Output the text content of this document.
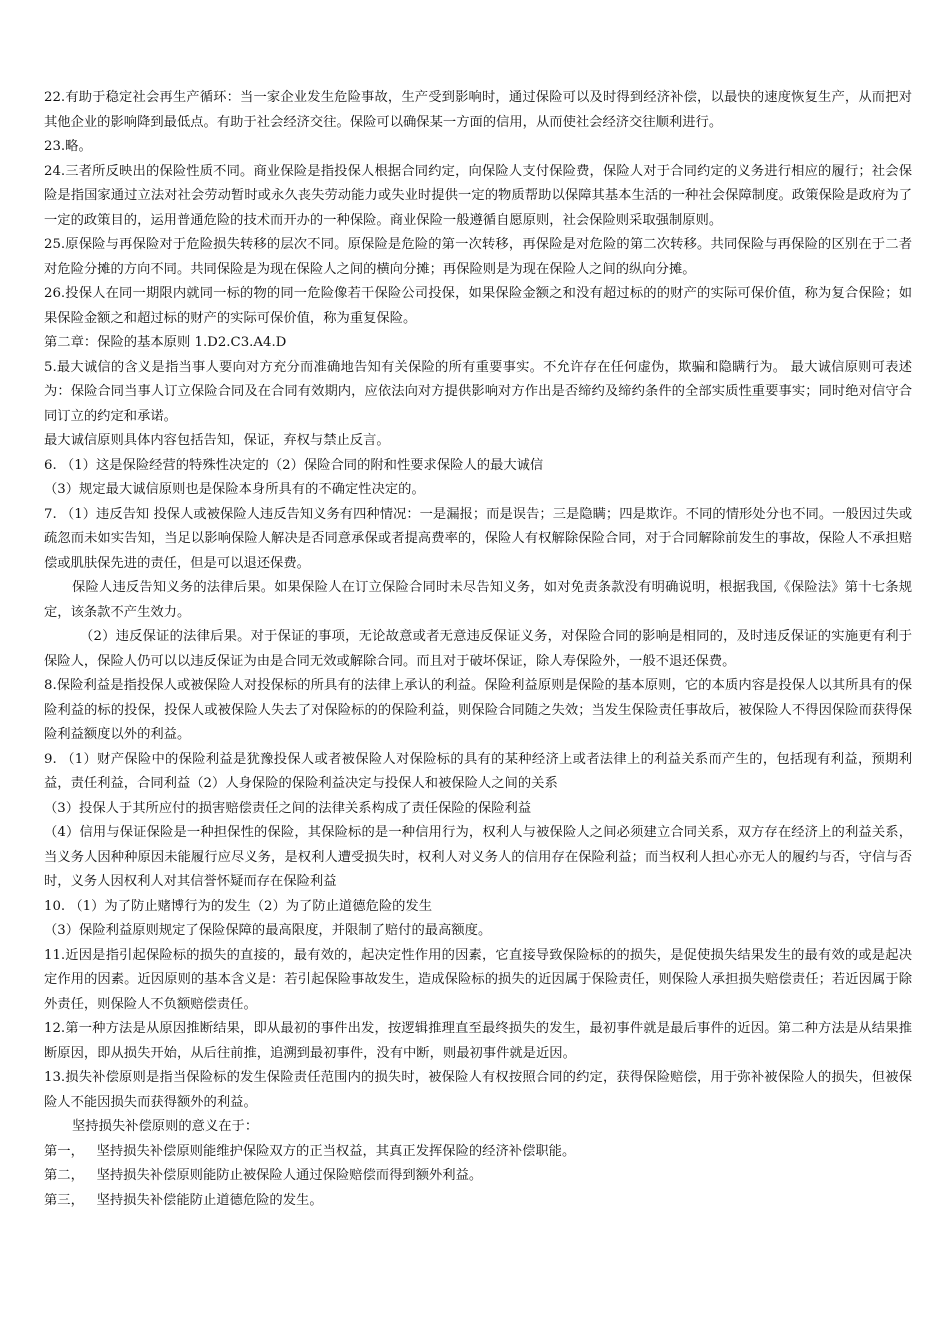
22.有助于稳定社会再生产循环：当一家企业发生危险事故，生产受到影响时，通过保险可以及时得到经济补偿，以最快的速度恢复生产，从而把对其他企业的影响降到最低点。有助于社会经济交往。保险可以确保某一方面的信用，从而使社会经济交往顺利进行。

23.略。

24.三者所反映出的保险性质不同。商业保险是指投保人根据合同约定，向保险人支付保险费，保险人对于合同约定的义务进行相应的履行；社会保险是指国家通过立法对社会劳动暂时或永久丧失劳动能力或失业时提供一定的物质帮助以保障其基本生活的一种社会保障制度。政策保险是政府为了一定的政策目的，运用普通危险的技术而开办的一种保险。商业保险一般遵循自愿原则，社会保险则采取强制原则。

25.原保险与再保险对于危险损失转移的层次不同。原保险是危险的第一次转移，再保险是对危险的第二次转移。共同保险与再保险的区别在于二者对危险分摊的方向不同。共同保险是为现在保险人之间的横向分摊；再保险则是为现在保险人之间的纵向分摊。

26.投保人在同一期限内就同一标的物的同一危险像若干保险公司投保，如果保险金额之和没有超过标的的财产的实际可保价值，称为复合保险；如果保险金额之和超过标的财产的实际可保价值，称为重复保险。

第二章：保险的基本原则 1.D2.C3.A4.D

5.最大诚信的含义是指当事人要向对方充分而准确地告知有关保险的所有重要事实。不允许存在任何虚伪，欺骗和隐瞒行为。 最大诚信原则可表述为：保险合同当事人订立保险合同及在合同有效期内，应依法向对方提供影响对方作出是否缔约及缔约条件的全部实质性重要事实；同时绝对信守合同订立的约定和承诺。

最大诚信原则具体内容包括告知，保证，弃权与禁止反言。

6. （1）这是保险经营的特殊性决定的（2）保险合同的附和性要求保险人的最大诚信

（3）规定最大诚信原则也是保险本身所具有的不确定性决定的。

7. （1）违反告知 投保人或被保险人违反告知义务有四种情况：一是漏报；而是误告；三是隐瞒；四是欺诈。不同的情形处分也不同。一般因过失或疏忽而未如实告知，当足以影响保险人解决是否同意承保或者提高费率的，保险人有权解除保险合同，对于合同解除前发生的事故，保险人不承担赔偿或肌肤保先进的责任，但是可以退还保费。

保险人违反告知义务的法律后果。如果保险人在订立保险合同时未尽告知义务，如对免责条款没有明确说明，根据我国,《保险法》第十七条规定，该条款不产生效力。

（2）违反保证的法律后果。对于保证的事项，无论故意或者无意违反保证义务，对保险合同的影响是相同的，及时违反保证的实施更有利于保险人，保险人仍可以以违反保证为由是合同无效或解除合同。而且对于破坏保证，除人寿保险外，一般不退还保费。

8.保险利益是指投保人或被保险人对投保标的所具有的法律上承认的利益。保险利益原则是保险的基本原则，它的本质内容是投保人以其所具有的保险利益的标的投保，投保人或被保险人失去了对保险标的的保险利益，则保险合同随之失效；当发生保险责任事故后，被保险人不得因保险而获得保险利益额度以外的利益。

9. （1）财产保险中的保险利益是犹豫投保人或者被保险人对保险标的具有的某种经济上或者法律上的利益关系而产生的，包括现有利益，预期利益，责任利益，合同利益（2）人身保险的保险利益决定与投保人和被保险人之间的关系

（3）投保人于其所应付的损害赔偿责任之间的法律关系构成了责任保险的保险利益

（4）信用与保证保险是一种担保性的保险，其保险标的是一种信用行为，权利人与被保险人之间必须建立合同关系，双方存在经济上的利益关系，当义务人因种种原因未能履行应尽义务，是权利人遭受损失时，权利人对义务人的信用存在保险利益；而当权利人担心亦无人的履约与否，守信与否时，义务人因权利人对其信誉怀疑而存在保险利益

10. （1）为了防止赌博行为的发生（2）为了防止道德危险的发生

（3）保险利益原则规定了保险保障的最高限度，并限制了赔付的最高额度。

11.近因是指引起保险标的损失的直接的，最有效的，起决定性作用的因素，它直接导致保险标的的损失，是促使损失结果发生的最有效的或是起决定作用的因素。近因原则的基本含义是：若引起保险事故发生，造成保险标的损失的近因属于保险责任，则保险人承担损失赔偿责任；若近因属于除外责任，则保险人不负额赔偿责任。

12.第一种方法是从原因推断结果，即从最初的事件出发，按逻辑推理直至最终损失的发生，最初事件就是最后事件的近因。第二种方法是从结果推断原因，即从损失开始，从后往前推，追溯到最初事件，没有中断，则最初事件就是近因。

13.损失补偿原则是指当保险标的发生保险责任范围内的损失时，被保险人有权按照合同的约定，获得保险赔偿，用于弥补被保险人的损失，但被保险人不能因损失而获得额外的利益。

坚持损失补偿原则的意义在于：

第一，   坚持损失补偿原则能维护保险双方的正当权益，其真正发挥保险的经济补偿职能。

第二，   坚持损失补偿原则能防止被保险人通过保险赔偿而得到额外利益。

第三，   坚持损失补偿能防止道德危险的发生。
